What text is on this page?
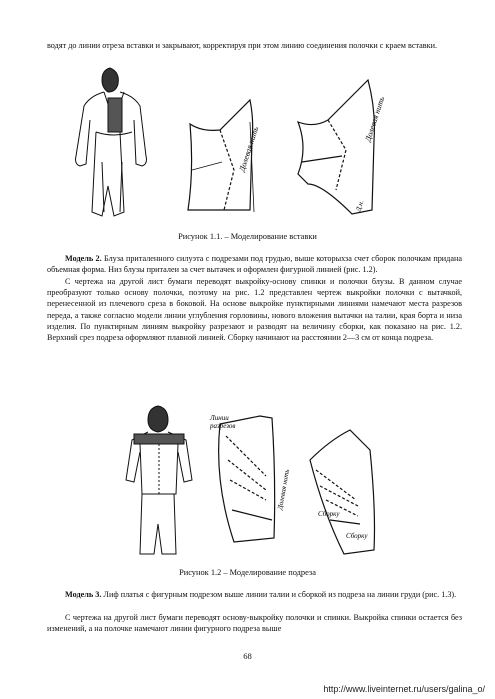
водят до линии отреза вставки и закрывают, корректируя при этом линию соединения полочки с краем вставки.

Долевая нить
Долевая нить
Д.н.
Рисунок 1.1. – Моделирование вставки

Модель 2. Блуза приталенного силуэта с подрезами под грудью, выше которыхза счет сборок полочкам придана объемная форма. Низ блузы приталеи за счет вытачек и оформлен фигурной линией (рис. 1.2).

С чертежа на другой лист бумаги переводят выкройку-основу спинки и полочки блузы. В данном случае преобразуют только основу полочки, поэтому на рис. 1.2 представлен чертеж выкройки полочки с вытачкой, перенесенной из плечевого среза в боковой. На основе выкройке пунктирными линиями намечают места разрезов переда, а также согласно модели линии углубления горловины, нового вложения вытачки на талии, края борта и низа изделия. По пунктирным линиям выкройку разрезают и разводят на величину сборки, как показано на рис. 1.2. Верхний срез подреза оформляют плавной линией. Сборку начинают на расстоянии 2—3 см от конца подреза.

Линии
разрезов
Долевая нить
Сборку
Сборку
Рисунок 1.2 – Моделирование подреза

Модель 3. Лиф платья с фигурным подрезом выше линии талии и сборкой из подреза на линии груди (рис. 1.3).

С чертежа на другой лист бумаги переводят основу-выкройку полочки и спинки. Выкройка спинки остается без изменений, а на полочке намечают линии фигурного подреза выше

68
http://www.liveinternet.ru/users/galina_o/
